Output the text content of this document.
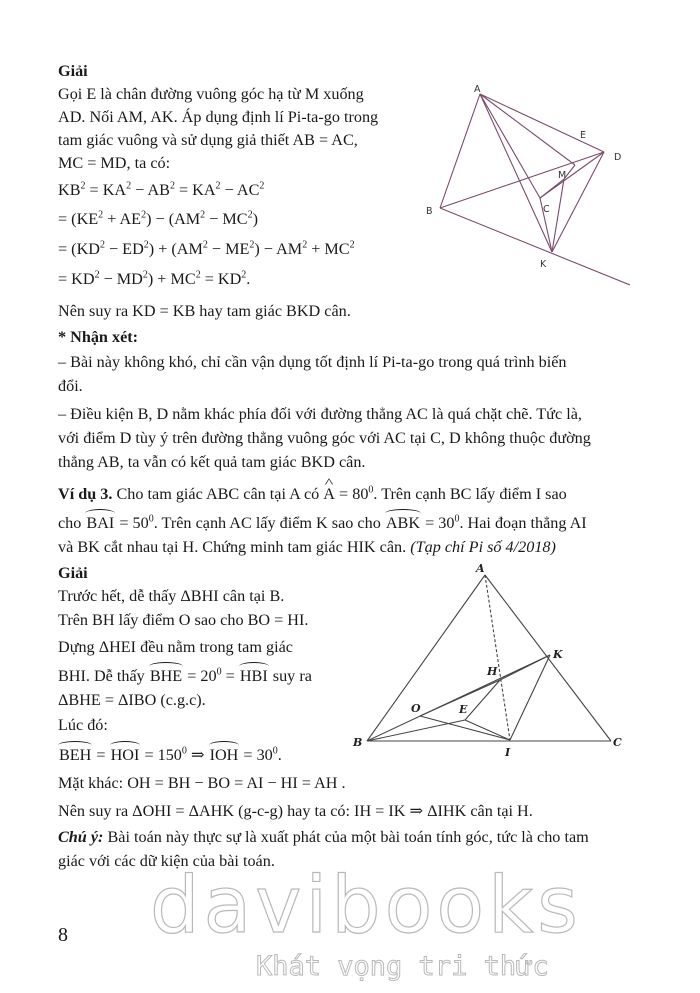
Giải
Gọi E là chân đường vuông góc hạ từ M xuống
AD. Nối AM, AK. Áp dụng định lí Pi-ta-go trong
tam giác vuông và sử dụng giả thiết AB = AC,
MC = MD, ta có:
$KB^2 = KA^2 - AB^2 = KA^2 - AC^2$
= $(KE^2 + AE^2) - (AM^2 - MC^2)$
= $(KD^2 - ED^2) + (AM^2 - ME^2) - AM^2 + MC^2$
= $KD^2 - MD^2) + MC^2 = KD^2$.
Nên suy ra KD = KB hay tam giác BKD cân.
A
B	C
D
E
M
K
* Nhận xét:
– Bài này không khó, chỉ cần vận dụng tốt định lí Pi-ta-go trong quá trình biến
đổi.
– Điều kiện B, D nằm khác phía đối với đường thẳng AC là quá chặt chẽ. Tức là,
với điểm D tùy ý trên đường thẳng vuông góc với AC tại C, D không thuộc đường
thẳng AB, ta vẫn có kết quả tam giác BKD cân.
Ví dụ 3. Cho tam giác ABC cân tại A có ^ $A = 80^0$. Trên cạnh BC lấy điểm I sao
cho BAI = $50^0$. Trên cạnh AC lấy điểm K sao cho ABK = $30^0$. Hai đoạn thẳng AI
và BK cắt nhau tại H. Chứng minh tam giác HIK cân. (Tạp chí Pi số 4/2018)
Giải
Trước hết, dễ thấy ΔBHI cân tại B.
Trên BH lấy điểm O sao cho BO = HI.
Dựng ΔHEI đều nằm trong tam giác
BHI. Dễ thấy BHE = $20^0$ = HBI suy ra
ΔBHE = ΔIBO (c.g.c).
Lúc đó:
BEH = HOI = $150^0$ ⇒ IOH = $30^0$.
Mặt khác: OH = BH − BO = AI − HI = AH .
Nên suy ra ΔOHI = ΔAHK (g-c-g) hay ta có: IH = IK ⇒ ΔIHK cân tại H.
Chú ý: Bài toán này thực sự là xuất phát của một bài toán tính góc, tức là cho tam
giác với các dữ kiện của bài toán.
A
B	C
H
K
O	E
I
8 davibooks
Khát vọng tri thức
